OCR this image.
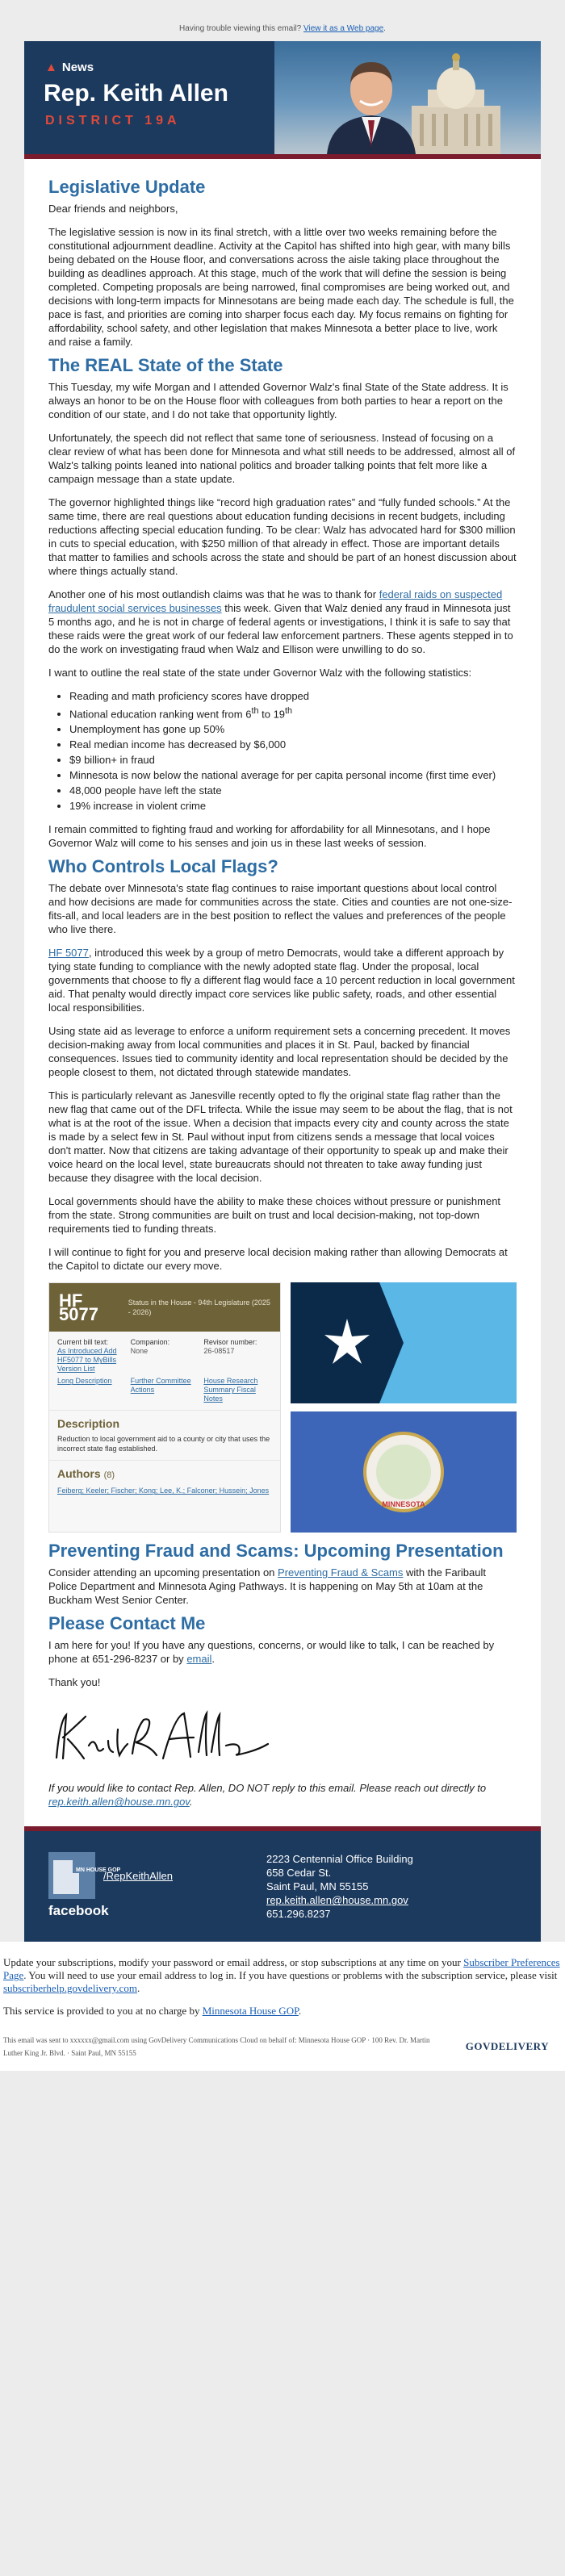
Having trouble viewing this email? View it as a Web page.
▲ News
Rep. Keith Allen
DISTRICT 19A
Legislative Update

Dear friends and neighbors,

The legislative session is now in its final stretch, with a little over two weeks remaining before the constitutional adjournment deadline. Activity at the Capitol has shifted into high gear, with many bills being debated on the House floor, and conversations across the aisle taking place throughout the building as deadlines approach. At this stage, much of the work that will define the session is being completed. Competing proposals are being narrowed, final compromises are being worked out, and decisions with long-term impacts for Minnesotans are being made each day. The schedule is full, the pace is fast, and priorities are coming into sharper focus each day. My focus remains on fighting for affordability, school safety, and other legislation that makes Minnesota a better place to live, work and raise a family.

The REAL State of the State

This Tuesday, my wife Morgan and I attended Governor Walz's final State of the State address. It is always an honor to be on the House floor with colleagues from both parties to hear a report on the condition of our state, and I do not take that opportunity lightly.

Unfortunately, the speech did not reflect that same tone of seriousness. Instead of focusing on a clear review of what has been done for Minnesota and what still needs to be addressed, almost all of Walz's talking points leaned into national politics and broader talking points that felt more like a campaign message than a state update.

The governor highlighted things like “record high graduation rates” and “fully funded schools.” At the same time, there are real questions about education funding decisions in recent budgets, including reductions affecting special education funding. To be clear: Walz has advocated hard for $300 million in cuts to special education, with $250 million of that already in effect. Those are important details that matter to families and schools across the state and should be part of an honest discussion about where things actually stand.

Another one of his most outlandish claims was that he was to thank for federal raids on suspected fraudulent social services businesses this week. Given that Walz denied any fraud in Minnesota just 5 months ago, and he is not in charge of federal agents or investigations, I think it is safe to say that these raids were the great work of our federal law enforcement partners. These agents stepped in to do the work on investigating fraud when Walz and Ellison were unwilling to do so.

I want to outline the real state of the state under Governor Walz with the following statistics:

• Reading and math proficiency scores have dropped
• National education ranking went from 6th to 19th
• Unemployment has gone up 50%
• Real median income has decreased by $6,000
• $9 billion+ in fraud
• Minnesota is now below the national average for per capita personal income (first time ever)
• 48,000 people have left the state
• 19% increase in violent crime

I remain committed to fighting fraud and working for affordability for all Minnesotans, and I hope Governor Walz will come to his senses and join us in these last weeks of session.

Who Controls Local Flags?

The debate over Minnesota's state flag continues to raise important questions about local control and how decisions are made for communities across the state. Cities and counties are not one-size-fits-all, and local leaders are in the best position to reflect the values and preferences of the people who live there.

HF 5077, introduced this week by a group of metro Democrats, would take a different approach by tying state funding to compliance with the newly adopted state flag. Under the proposal, local governments that choose to fly a different flag would face a 10 percent reduction in local government aid. That penalty would directly impact core services like public safety, roads, and other essential local responsibilities.

Using state aid as leverage to enforce a uniform requirement sets a concerning precedent. It moves decision-making away from local communities and places it in St. Paul, backed by financial consequences. Issues tied to community identity and local representation should be decided by the people closest to them, not dictated through statewide mandates.

This is particularly relevant as Janesville recently opted to fly the original state flag rather than the new flag that came out of the DFL trifecta. While the issue may seem to be about the flag, that is not what is at the root of the issue. When a decision that impacts every city and county across the state is made by a select few in St. Paul without input from citizens sends a message that local voices don't matter. Now that citizens are taking advantage of their opportunity to speak up and make their voice heard on the local level, state bureaucrats should not threaten to take away funding just because they disagree with the local decision.

Local governments should have the ability to make these choices without pressure or punishment from the state. Strong communities are built on trust and local decision-making, not top-down requirements tied to funding threats.

I will continue to fight for you and preserve local decision making rather than allowing Democrats at the Capitol to dictate our every move.

HF 5077
Status in the House - 94th Legislature (2025 - 2026)
Current bill text:
As Introduced Add HF5077 to MyBills Version List
Companion:
None
Revisor number:
26-08517
Long Description	Further Committee Actions
House Research Summary Fiscal Notes
Description
Reduction to local government aid to a county or city that uses the incorrect state flag established.
Authors (8)
Feiberg; Keeler; Fischer; Kong; Lee, K.; Falconer; Hussein; Jones
MINNESOTA
Preventing Fraud and Scams: Upcoming Presentation

Consider attending an upcoming presentation on Preventing Fraud & Scams with the Faribault Police Department and Minnesota Aging Pathways. It is happening on May 5th at 10am at the Buckham West Senior Center.

Please Contact Me

I am here for you! If you have any questions, concerns, or would like to talk, I can be reached by phone at 651-296-8237 or by email.

Thank you!

If you would like to contact Rep. Allen, DO NOT reply to this email. Please reach out directly to rep.keith.allen@house.mn.gov.

MN HOUSE GOP
/RepKeithAllen
facebook
2223 Centennial Office Building
658 Cedar St.
Saint Paul, MN 55155
rep.keith.allen@house.mn.gov
651.296.8237

Update your subscriptions, modify your password or email address, or stop subscriptions at any time on your Subscriber Preferences Page. You will need to use your email address to log in. If you have questions or problems with the subscription service, please visit subscriberhelp.govdelivery.com.

This service is provided to you at no charge by Minnesota House GOP.

This email was sent to xxxxxx@gmail.com using GovDelivery Communications Cloud on behalf of: Minnesota House GOP · 100 Rev. Dr. Martin Luther King Jr. Blvd. · Saint Paul, MN 55155
GOVDELIVERY
